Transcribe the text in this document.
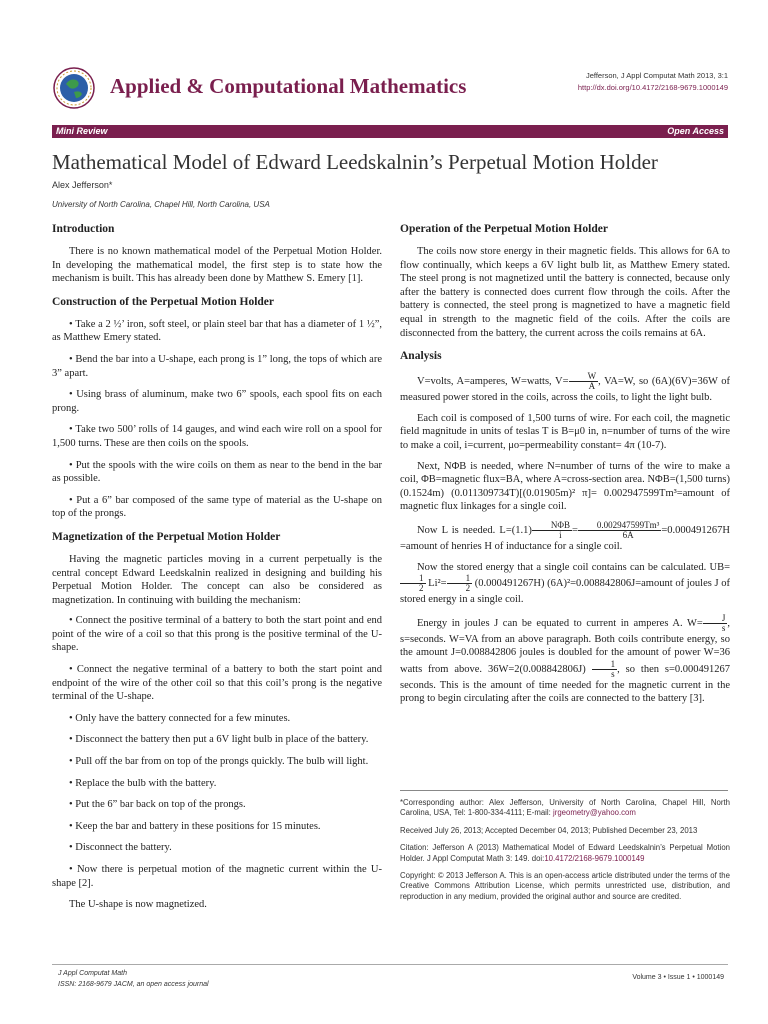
Applied & Computational Mathematics	Jefferson, J Appl Computat Math 2013, 3:1
http://dx.doi.org/10.4172/2168-9679.1000149
Mini Review	Open Access
Mathematical Model of Edward Leedskalnin’s Perpetual Motion Holder
Alex Jefferson*
University of North Carolina, Chapel Hill, North Carolina, USA
Introduction

There is no known mathematical model of the Perpetual Motion Holder. In developing the mathematical model, the first step is to state how the mechanism is built. This has already been done by Matthew S. Emery [1].

Construction of the Perpetual Motion Holder

• Take a 2 ½’ iron, soft steel, or plain steel bar that has a diameter of 1 ½”, as Matthew Emery stated.

• Bend the bar into a U-shape, each prong is 1” long, the tops of which are 3” apart.

• Using brass of aluminum, make two 6” spools, each spool fits on each prong.

• Take two 500’ rolls of 14 gauges, and wind each wire roll on a spool for 1,500 turns. These are then coils on the spools.

• Put the spools with the wire coils on them as near to the bend in the bar as possible.

• Put a 6” bar composed of the same type of material as the U-shape on top of the prongs.

Magnetization of the Perpetual Motion Holder

Having the magnetic particles moving in a current perpetually is the central concept Edward Leedskalnin realized in designing and building his Perpetual Motion Holder. The concept can also be considered as magnetization. In continuing with building the mechanism:

• Connect the positive terminal of a battery to both the start point and end point of the wire of a coil so that this prong is the positive terminal of the U-shape.

• Connect the negative terminal of a battery to both the start point and endpoint of the wire of the other coil so that this coil’s prong is the negative terminal of the U-shape.

• Only have the battery connected for a few minutes.

• Disconnect the battery then put a 6V light bulb in place of the battery.

• Pull off the bar from on top of the prongs quickly. The bulb will light.

• Replace the bulb with the battery.

• Put the 6” bar back on top of the prongs.

• Keep the bar and battery in these positions for 15 minutes.

• Disconnect the battery.

• Now there is perpetual motion of the magnetic current within the U-shape [2].

The U-shape is now magnetized.

Operation of the Perpetual Motion Holder

The coils now store energy in their magnetic fields. This allows for 6A to flow continually, which keeps a 6V light bulb lit, as Matthew Emery stated. The steel prong is not magnetized until the battery is connected, because only after the battery is connected does current flow through the coils. After the battery is connected, the steel prong is magnetized to have a magnetic field equal in strength to the magnetic field of the coils. After the coils are disconnected from the battery, the current across the coils remains at 6A.

Analysis

V=volts, A=amperes, W=watts, $V= \frac{W}{A}$ , VA=W, so (6A)(6V)=36W of measured power stored in the coils, across the coils, to light the light bulb.

Each coil is composed of 1,500 turns of wire. For each coil, the magnetic field magnitude in units of teslas T is B=μ0 in, n=number of turns of the wire to make a coil, i=current, μo=permeability constant= 4π (10-7).

Next, NΦB is needed, where N=number of turns of the wire to make a coil, ΦB=magnetic flux=BA, where A=cross-section area. NΦB=(1,500 turns) (0.1524m) (0.011309734T)[(0.01905m)² π]= 0.002947599Tm³=amount of magnetic flux linkages for a single coil.

Now L is needed. $L=(1.1) \frac{\text{NΦB}}{i} = \frac{\text{0.002947599Tm³}}{6A} =0.000491267H$ =amount of henries H of inductance for a single coil.

Now the stored energy that a single coil contains can be calculated. UB=
$\frac{1}{2} Li^2= \frac{1}{2} (0.000491267H)$ (6A)²=0.008842806J=amount of joules J of stored energy in a single coil.

Energy in joules J can be equated to current in amperes A. $W= \frac{J}{s}$ , s=seconds. W=VA from an above paragraph. Both coils contribute energy, so the amount J=0.008842806 joules is doubled for the amount of power W=36 watts from above. $36W=2(0.008842806J) \frac{1}{s}$ , so then s=0.000491267 seconds. This is the amount of time needed for the magnetic current in the prong to begin circulating after the coils are connected to the battery [3].

*Corresponding author: Alex Jefferson, University of North Carolina, Chapel Hill, North Carolina, USA, Tel: 1-800-334-4111; E-mail: jrgeometry@yahoo.com

Received July 26, 2013; Accepted December 04, 2013; Published December 23, 2013

Citation: Jefferson A (2013) Mathematical Model of Edward Leedskalnin’s Perpetual Motion Holder. J Appl Computat Math 3: 149. doi:10.4172/2168-9679.1000149

Copyright: © 2013 Jefferson A. This is an open-access article distributed under the terms of the Creative Commons Attribution License, which permits unrestricted use, distribution, and reproduction in any medium, provided the original author and source are credited.

J Appl Computat Math
ISSN: 2168-9679 JACM, an open access journal
Volume 3 • Issue 1 • 1000149
